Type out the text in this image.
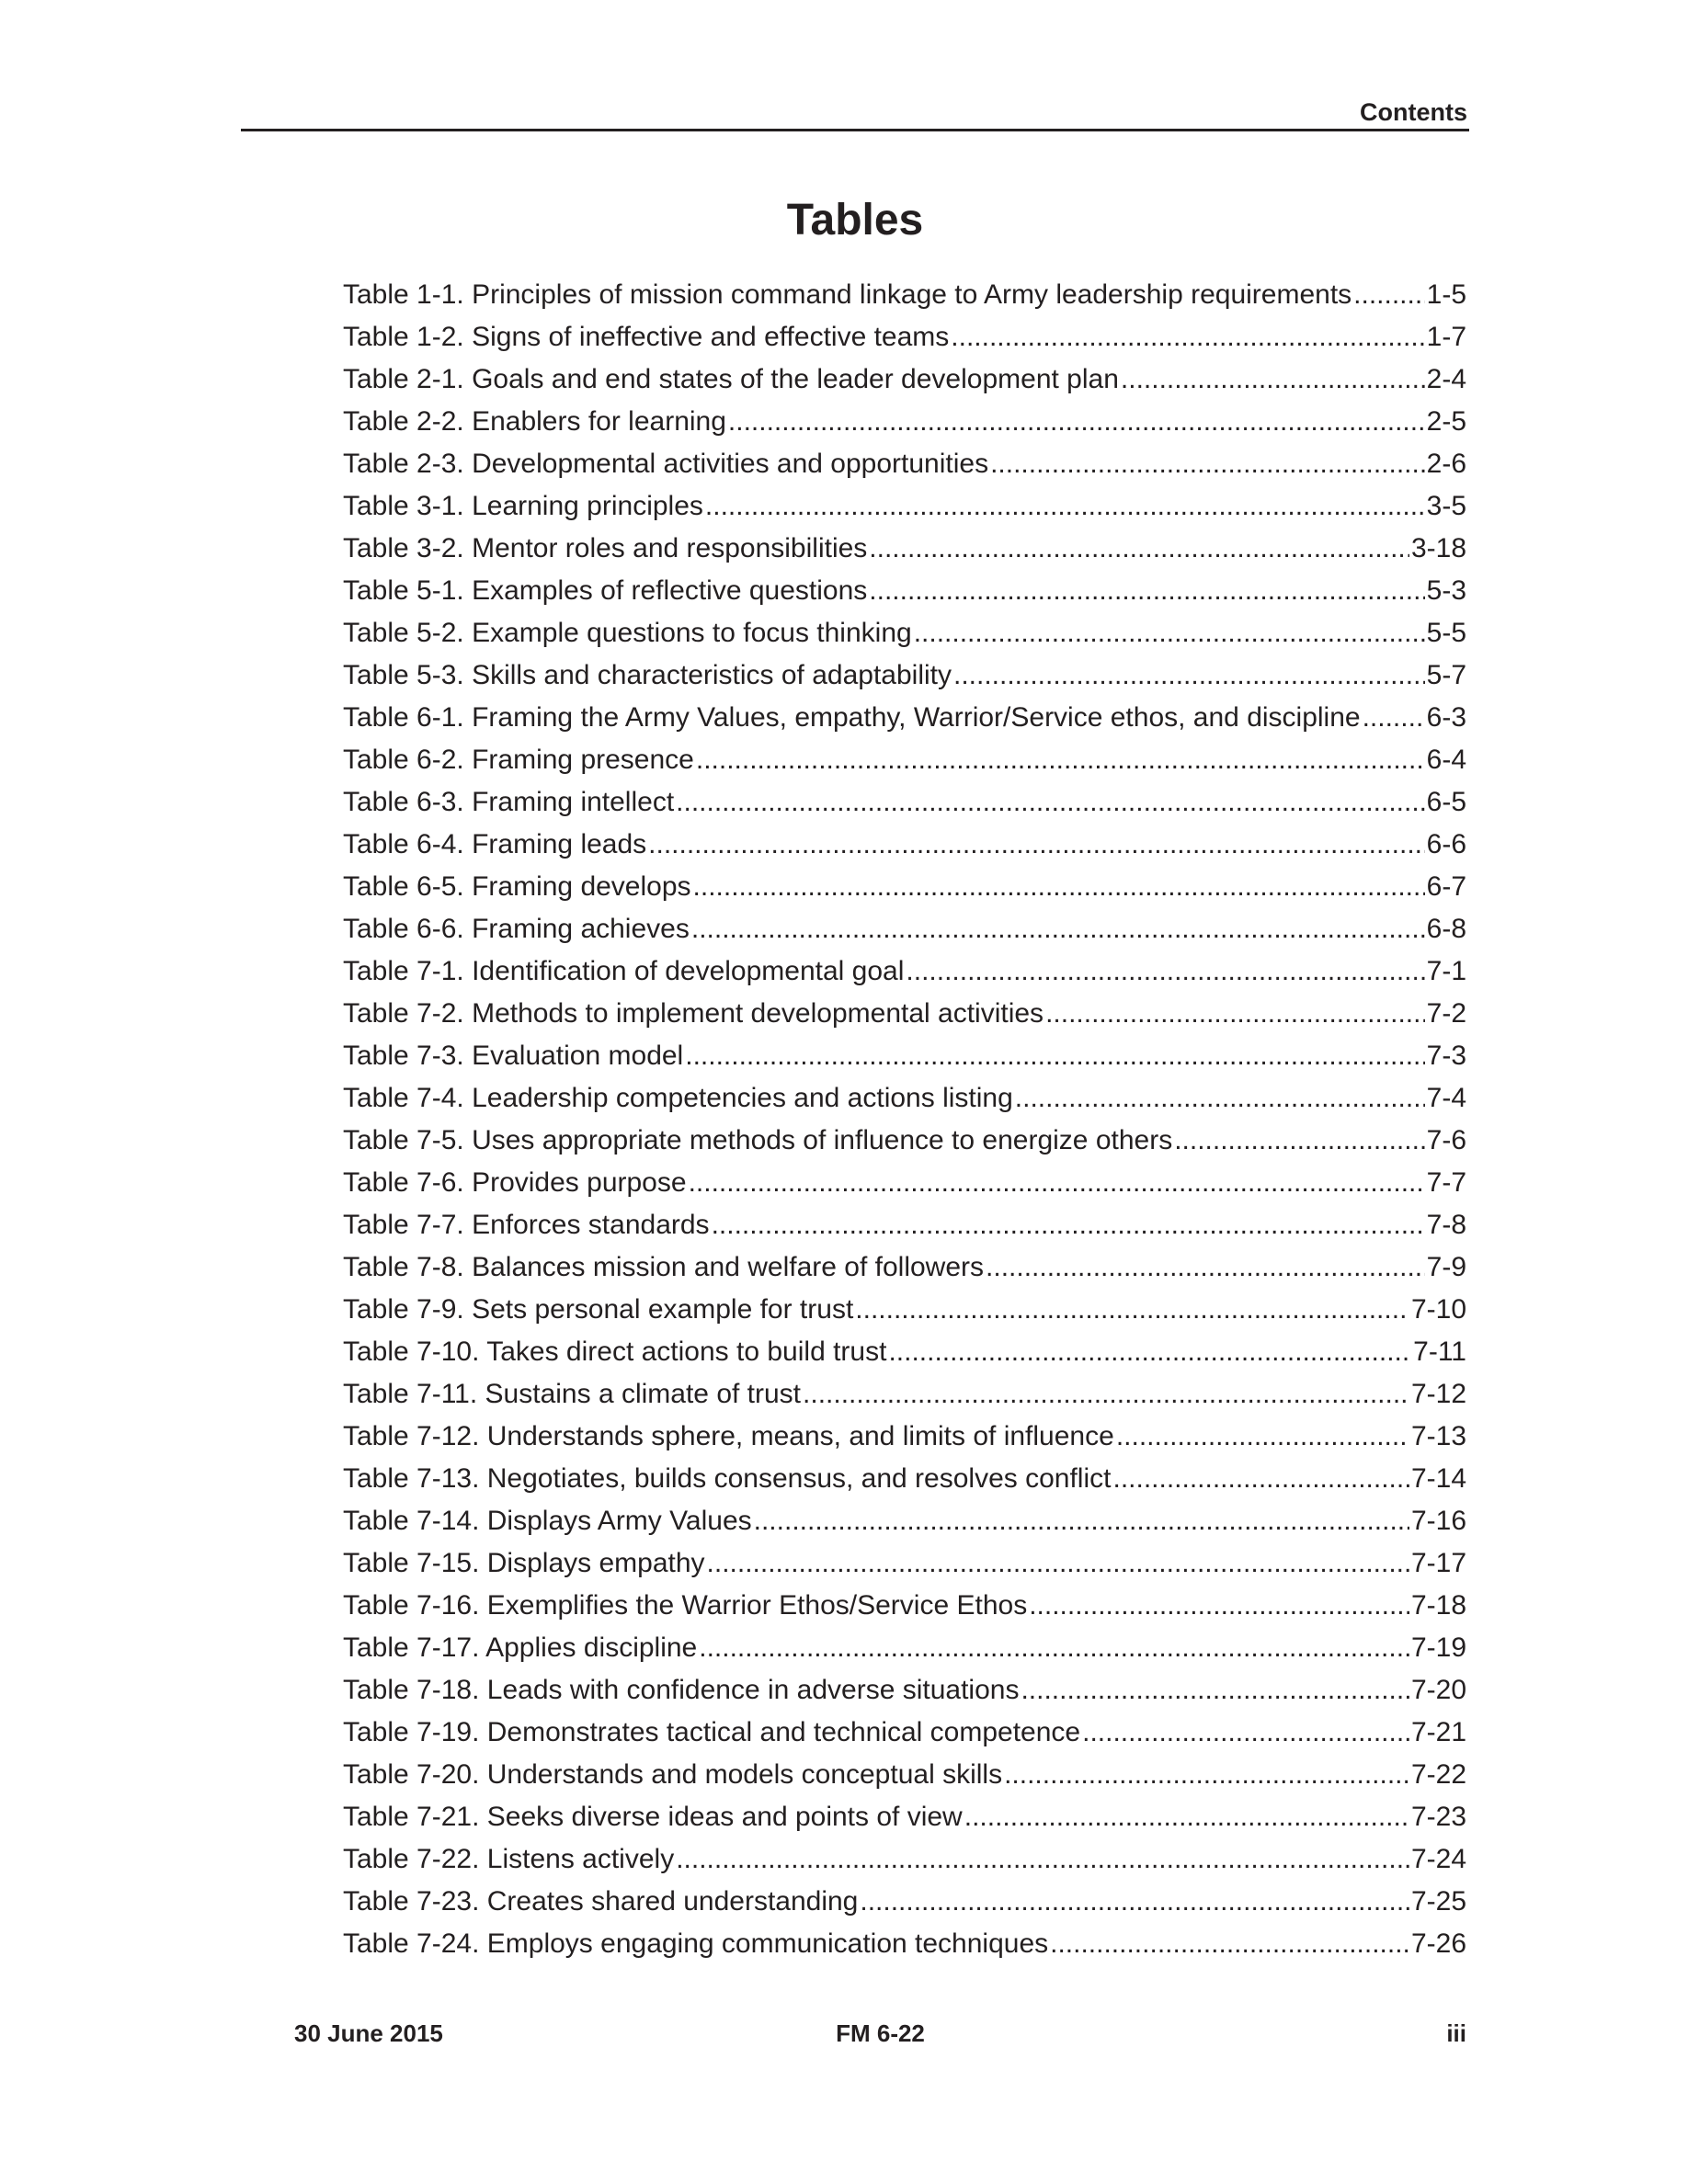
Contents
Tables
Table 1-1. Principles of mission command linkage to Army leadership requirements .....	1-5
Table 1-2. Signs of ineffective and effective teams .....	1-7
Table 2-1. Goals and end states of the leader development plan .....	2-4
Table 2-2. Enablers for learning .....	2-5
Table 2-3. Developmental activities and opportunities .....	2-6
Table 3-1. Learning principles .....	3-5
Table 3-2. Mentor roles and responsibilities .....	3-18
Table 5-1. Examples of reflective questions .....	5-3
Table 5-2. Example questions to focus thinking .....	5-5
Table 5-3. Skills and characteristics of adaptability .....	5-7
Table 6-1. Framing the Army Values, empathy, Warrior/Service ethos, and discipline ..... 6-3
Table 6-2. Framing presence .....	6-4
Table 6-3. Framing intellect .....	6-5
Table 6-4. Framing leads .....	6-6
Table 6-5. Framing develops .....	6-7
Table 6-6. Framing achieves .....	6-8
Table 7-1. Identification of developmental goal .....	7-1
Table 7-2. Methods to implement developmental activities .....	7-2
Table 7-3. Evaluation model .....	7-3
Table 7-4. Leadership competencies and actions listing .....	7-4
Table 7-5. Uses appropriate methods of influence to energize others .....	7-6
Table 7-6. Provides purpose .....	7-7
Table 7-7. Enforces standards .....	7-8
Table 7-8. Balances mission and welfare of followers .....	7-9
Table 7-9. Sets personal example for trust .....	7-10
Table 7-10. Takes direct actions to build trust .....	7-11
Table 7-11. Sustains a climate of trust .....	7-12
Table 7-12. Understands sphere, means, and limits of influence .....	7-13
Table 7-13. Negotiates, builds consensus, and resolves conflict .....	7-14
Table 7-14. Displays Army Values .....	7-16
Table 7-15. Displays empathy .....	7-17
Table 7-16. Exemplifies the Warrior Ethos/Service Ethos .....	7-18
Table 7-17. Applies discipline .....	7-19
Table 7-18. Leads with confidence in adverse situations .....	7-20
Table 7-19. Demonstrates tactical and technical competence .....	7-21
Table 7-20. Understands and models conceptual skills .....	7-22
Table 7-21. Seeks diverse ideas and points of view .....	7-23
Table 7-22. Listens actively .....	7-24
Table 7-23. Creates shared understanding .....	7-25
Table 7-24. Employs engaging communication techniques .....	7-26
30 June 2015	FM 6-22	iii
